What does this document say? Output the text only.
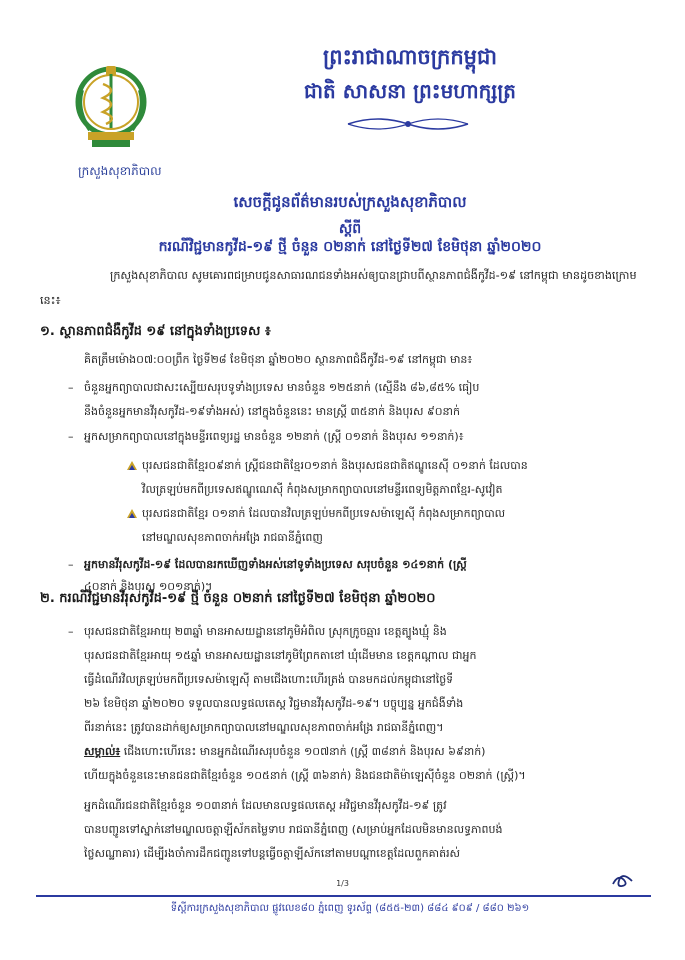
ក្រសួងសុខាភិបាល
ព្រះរាជាណាចក្រកម្ពុជា
ជាតិ សាសនា ព្រះមហាក្សត្រ
សេចក្តីជូនព័ត៌មានរបស់ក្រសួងសុខាភិបាល
ស្តីពី
ករណីវិជ្ជមានកូវីដ-១៩ ថ្មី ចំនួន ០២នាក់ នៅថ្ងៃទី២៧ ខែមិថុនា ឆ្នាំ២០២០
ក្រសួងសុខាភិបាល សូមគោរពជម្រាបជូនសាធារណជនទាំងអស់ឲ្យបានជ្រាបពីស្ថានភាពជំងឺកូវីដ-១៩ នៅកម្ពុជា មានដូចខាងក្រោមនេះ៖
១. ស្ថានភាពជំងឺកូវីដ ១៩ នៅក្នុងទាំងប្រទេស ៖
គិតត្រឹមម៉ោង០៧:០០ព្រឹក ថ្ងៃទី២៨ ខែមិថុនា ឆ្នាំ២០២០ ស្ថានភាពជំងឺកូវីដ-១៩ នៅកម្ពុជា មាន៖
– ចំនួនអ្នកព្យាបាលជាសះស្បើយសរុបទូទាំងប្រទេស មានចំនួន ១២៥នាក់ (ស្មើនឹង ៨៦,៨៥% ធៀប
នឹងចំនួនអ្នកមានវីរុសកូវីដ-១៩ទាំងអស់) នៅក្នុងចំនួននេះ មានស្ត្រី ៣៥នាក់ និងបុរស ៩០នាក់
– អ្នកសម្រាកព្យាបាលនៅក្នុងមន្ទីរពេទ្យរដ្ឋ មានចំនួន ១២នាក់ (ស្ត្រី ០១នាក់ និងបុរស ១១នាក់)៖
បុរសជនជាតិខ្មែរ០៩នាក់ ស្ត្រីជនជាតិខ្មែរ០១នាក់ និងបុរសជនជាតិឥណ្ឌូនេស៊ី ០១នាក់ ដែលបាន
វិលត្រឡប់មកពីប្រទេសឥណ្ឌូណេស៊ី កំពុងសម្រាកព្យាបាលនៅមន្ទីរពេទ្យមិត្តភាពខ្មែរ-សូវៀត
បុរសជនជាតិខ្មែរ ០១នាក់ ដែលបានវិលត្រឡប់មកពីប្រទេសម៉ាឡេស៊ី កំពុងសម្រាកព្យាបាល
នៅមណ្ឌលសុខភាពចាក់អង្រែ រាជធានីភ្នំពេញ
– អ្នកមានវីរុសកូវីដ-១៩ ដែលបានរកឃើញទាំងអស់នៅទូទាំងប្រទេស សរុបចំនួន ១៤១នាក់ (ស្ត្រី
៤០នាក់ និងបុរស ១០១នាក់)។
២. ករណីវិជ្ជមានវីរុសកូវីដ-១៩ ថ្មី ចំនួន ០២នាក់ នៅថ្ងៃទី២៧ ខែមិថុនា ឆ្នាំ២០២០
– បុរសជនជាតិខ្មែរអាយុ ២៣ឆ្នាំ មានអាសយដ្ឋាននៅភូមិអំពិល ស្រុកក្រូចឆ្មារ ខេត្តត្បូងឃ្មុំ និង
បុរសជនជាតិខ្មែរអាយុ ១៥ឆ្នាំ មានអាសយដ្ឋាននៅភូមិព្រែកតាខៅ ឃុំដើមមាន ខេត្តកណ្តាល ជាអ្នក
ធ្វើដំណើរវិលត្រឡប់មកពីប្រទេសម៉ាឡេស៊ី តាមជើងហោះហើរត្រង់ បានមកដល់កម្ពុជានៅថ្ងៃទី
២៦ ខែមិថុនា ឆ្នាំ២០២០ ទទួលបានលទ្ធផលតេស្ត វិជ្ជមានវីរុសកូវីដ-១៩។ បច្ចុប្បន្ន អ្នកជំងឺទាំង
ពីរនាក់នេះ ត្រូវបានដាក់ឲ្យសម្រាកព្យាបាលនៅមណ្ឌលសុខភាពចាក់អង្រែ រាជធានីភ្នំពេញ។
សម្គាល់៖ ជើងហោះហើរនេះ មានអ្នកដំណើរសរុបចំនួន ១០៧នាក់ (ស្ត្រី ៣៨នាក់ និងបុរស ៦៩នាក់)
ហើយក្នុងចំនួននេះមានជនជាតិខ្មែរចំនួន ១០៥នាក់ (ស្ត្រី ៣៦នាក់) និងជនជាតិម៉ាឡេស៊ីចំនួន ០២នាក់ (ស្ត្រី)។
អ្នកដំណើរជនជាតិខ្មែរចំនួន ១០៣នាក់ ដែលមានលទ្ធផលតេស្ត អវិជ្ជមានវីរុសកូវីដ-១៩ ត្រូវ
បានបញ្ជូនទៅស្នាក់នៅមណ្ឌលចត្តាឡីស័កតម្លៃទាប រាជធានីភ្នំពេញ (សម្រាប់អ្នកដែលមិនមានលទ្ធភាពបង់
ថ្លៃសណ្ឋាគារ) ដើម្បីរងចាំការដឹកជញ្ជូនទៅបន្តធ្វើចត្តាឡីស័កនៅតាមបណ្តាខេត្តដែលពួកគាត់រស់
1/3
ទីស្តីការក្រសួងសុខាភិបាល ផ្លូវលេខ៨០ ភ្នំពេញ ទូរស័ព្ទ (៨៥៥-២៣) ៨៨៤ ៩០៩ / ៨៨០ ២៦១
